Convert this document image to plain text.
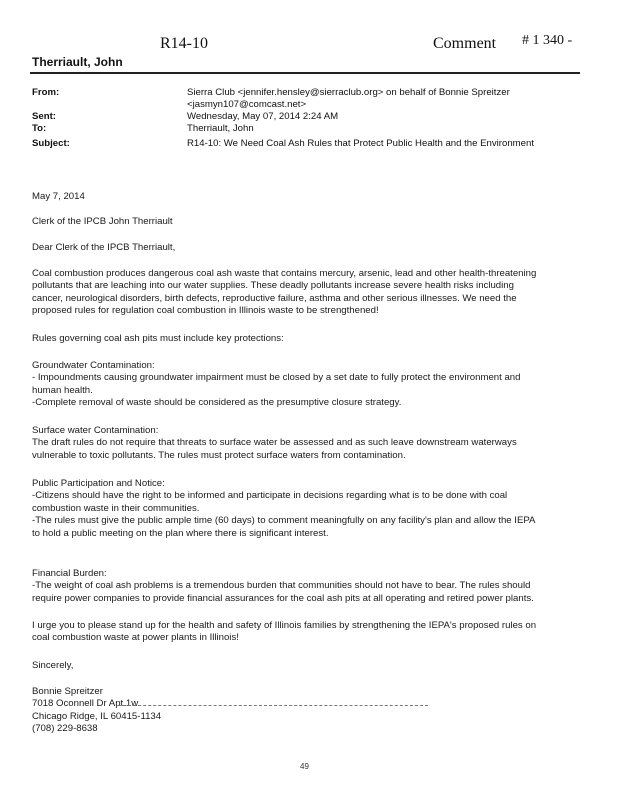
R14-10	Comment # 1 340 -
Therriault, John
From:	Sierra Club <jennifer.hensley@sierraclub.org> on behalf of Bonnie Spreitzer
<jasmyn107@comcast.net>
Sent:	Wednesday, May 07, 2014 2:24 AM
To:	Therriault, John
Subject:	R14-10: We Need Coal Ash Rules that Protect Public Health and the Environment
May 7, 2014
Clerk of the IPCB John Therriault
Dear Clerk of the IPCB Therriault,
Coal combustion produces dangerous coal ash waste that contains mercury, arsenic, lead and other health-threatening
pollutants that are leaching into our water supplies. These deadly pollutants increase severe health risks including
cancer, neurological disorders, birth defects, reproductive failure, asthma and other serious illnesses. We need the
proposed rules for regulation coal combustion in Illinois waste to be strengthened!
Rules governing coal ash pits must include key protections:
Groundwater Contamination:
- Impoundments causing groundwater impairment must be closed by a set date to fully protect the environment and
human health.
-Complete removal of waste should be considered as the presumptive closure strategy.
Surface water Contamination:
The draft rules do not require that threats to surface water be assessed and as such leave downstream waterways
vulnerable to toxic pollutants. The rules must protect surface waters from contamination.
Public Participation and Notice:
-Citizens should have the right to be informed and participate in decisions regarding what is to be done with coal
combustion waste in their communities.
-The rules must give the public ample time (60 days) to comment meaningfully on any facility's plan and allow the IEPA
to hold a public meeting on the plan where there is significant interest.
Financial Burden:
-The weight of coal ash problems is a tremendous burden that communities should not have to bear. The rules should
require power companies to provide financial assurances for the coal ash pits at all operating and retired power plants.
I urge you to please stand up for the health and safety of Illinois families by strengthening the IEPA's proposed rules on
coal combustion waste at power plants in Illinois!
Sincerely,
Bonnie Spreitzer
7018 Oconnell Dr Apt 1w
Chicago Ridge, IL 60415-1134
(708) 229-8638
49
